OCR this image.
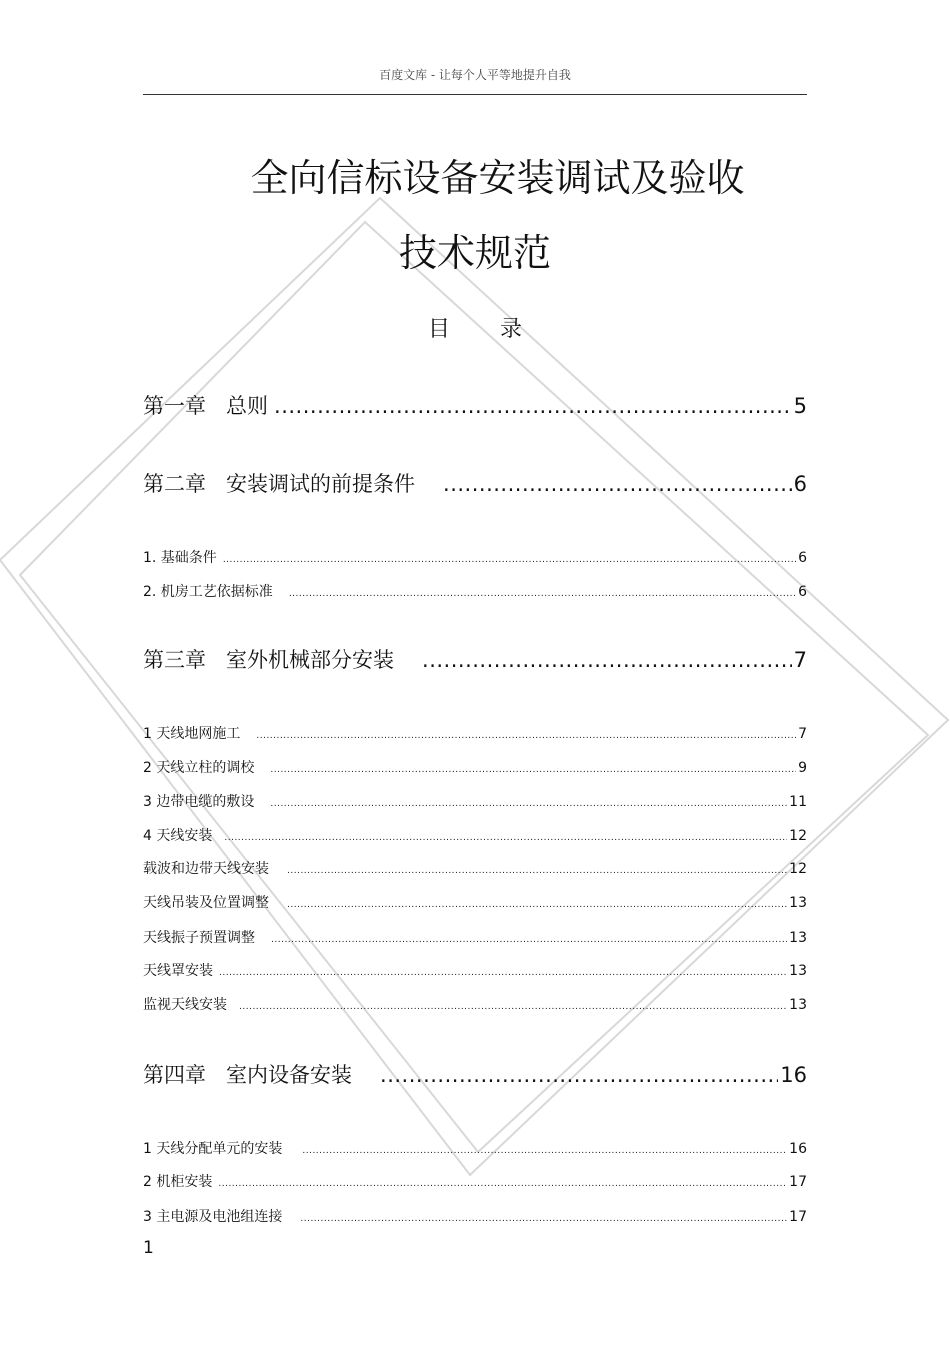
百度文库 - 让每个人平等地提升自我
全向信标设备安装调试及验收
技术规范
目录
第一章   总则 .....	5
第二章   安装调试的前提条件 .....	6
1. 基础条件 .....	6
2. 机房工艺依据标准 .....	6
第三章   室外机械部分安装 .....	7
1 天线地网施工 .....	7
2 天线立柱的调校 .....	9
3 边带电缆的敷设 .....	11
4 天线安装 .....	12
载波和边带天线安装 .....	12
天线吊装及位置调整 .....	13
天线振子预置调整 .....	13
天线罩安装 .....	13
监视天线安装 .....	13
第四章   室内设备安装 .....	16
1 天线分配单元的安装 .....	16
2 机柜安装 .....	17
3 主电源及电池组连接 .....	17
1
